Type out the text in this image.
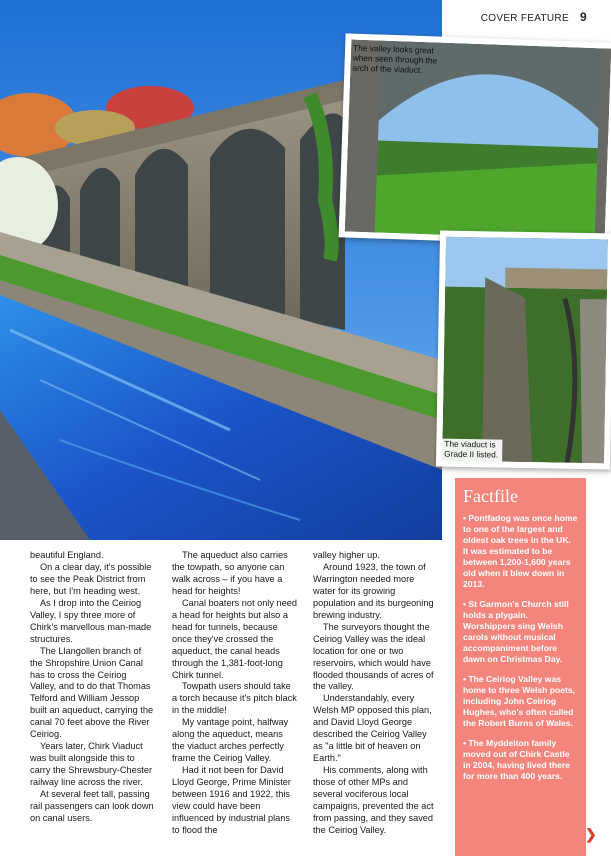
COVER FEATURE 9
The valley looks great when seen through the arch of the viaduct.
The viaduct is Grade II listed.
Factfile

• Pontfadog was once home to one of the largest and oldest oak trees in the UK. It was estimated to be between 1,200-1,600 years old when it blew down in 2013.

• St Garmon's Church still holds a plygain. Worshippers sing Welsh carols without musical accompaniment before dawn on Christmas Day.

• The Ceiriog Valley was home to three Welsh poets, including John Ceiriog Hughes, who's often called the Robert Burns of Wales.

• The Myddelton family moved out of Chirk Castle in 2004, having lived there for more than 400 years.

❯

beautiful England.

On a clear day, it's possible to see the Peak District from here, but I'm heading west.

As I drop into the Ceiriog Valley, I spy three more of Chirk's marvellous man-made structures.

The Llangollen branch of the Shropshire Union Canal has to cross the Ceiriog Valley, and to do that Thomas Telford and William Jessop built an aqueduct, carrying the canal 70 feet above the River Ceiriog.

Years later, Chirk Viaduct was built alongside this to carry the Shrewsbury-Chester railway line across the river.

At several feet tall, passing rail passengers can look down on canal users.

The aqueduct also carries the towpath, so anyone can walk across – if you have a head for heights!

Canal boaters not only need a head for heights but also a head for tunnels, because once they've crossed the aqueduct, the canal heads through the 1,381-foot-long Chirk tunnel.

Towpath users should take a torch because it's pitch black in the middle!

My vantage point, halfway along the aqueduct, means the viaduct arches perfectly frame the Ceiriog Valley.

Had it not been for David Lloyd George, Prime Minister between 1916 and 1922, this view could have been influenced by industrial plans to flood the

valley higher up.

Around 1923, the town of Warrington needed more water for its growing population and its burgeoning brewing industry.

The surveyors thought the Ceiriog Valley was the ideal location for one or two reservoirs, which would have flooded thousands of acres of the valley.

Understandably, every Welsh MP opposed this plan, and David Lloyd George described the Ceiriog Valley as "a little bit of heaven on Earth."

His comments, along with those of other MPs and several vociferous local campaigns, prevented the act from passing, and they saved the Ceiriog Valley.
